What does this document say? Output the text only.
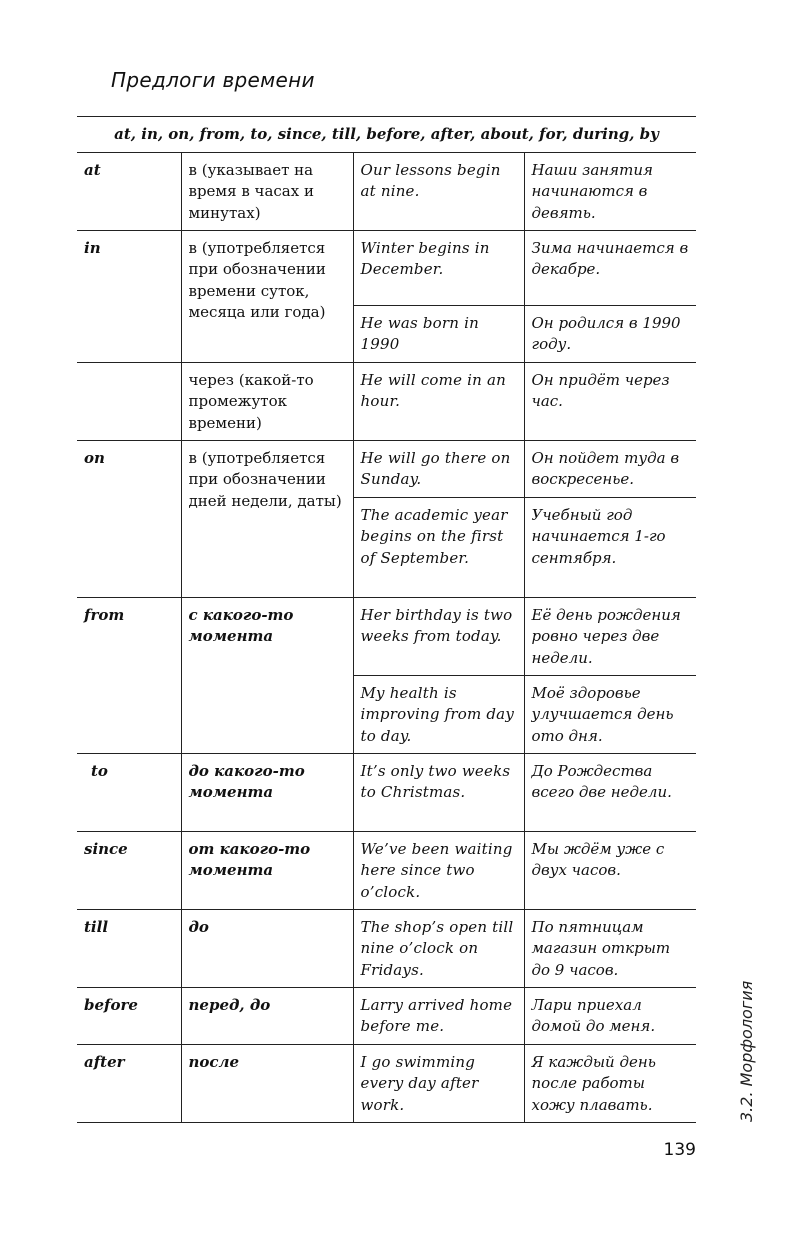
Предлоги времени
at, in, on, from, to, since, till, before, after, about, for, during, by			
at	в (указывает на время в часах и минутах)	Our lessons begin at nine.	Наши занятия начинаются в девять.
in	в (употребляется при обозначении времени суток, месяца или года)	Winter begins in December.	Зима начинается в декабре.
		He was born in 1990	Он родился в 1990 году.
	через (какой-то промежуток времени)	He will come in an hour.	Он придёт через час.
on	в (употребляется при обозначении дней недели, даты)	He will go there on Sunday.	Он пойдет туда в воскресенье.
		The academic year begins on the first of September.	Учебный год начинается 1-го сентября.
from	с какого-то момента	Her birthday is two weeks from today.	Её день рождения ровно через две недели.
		My health is improving from day to day.	Моё здоровье улучшается день ото дня.
to	до какого-то момента	It’s only two weeks to Christmas.	До Рождества всего две недели.
since	от какого-то момента	We’ve been waiting here since two o’clock.	Мы ждём уже с двух часов.
till	до	The shop’s open till nine o’clock on Fridays.	По пятницам магазин открыт до 9 часов.
before	перед, до	Larry arrived home before me.	Лари приехал домой до меня.
after	после	I go swimming every day after work.	Я каждый день после работы хожу плавать.	3.2. Морфология
139
